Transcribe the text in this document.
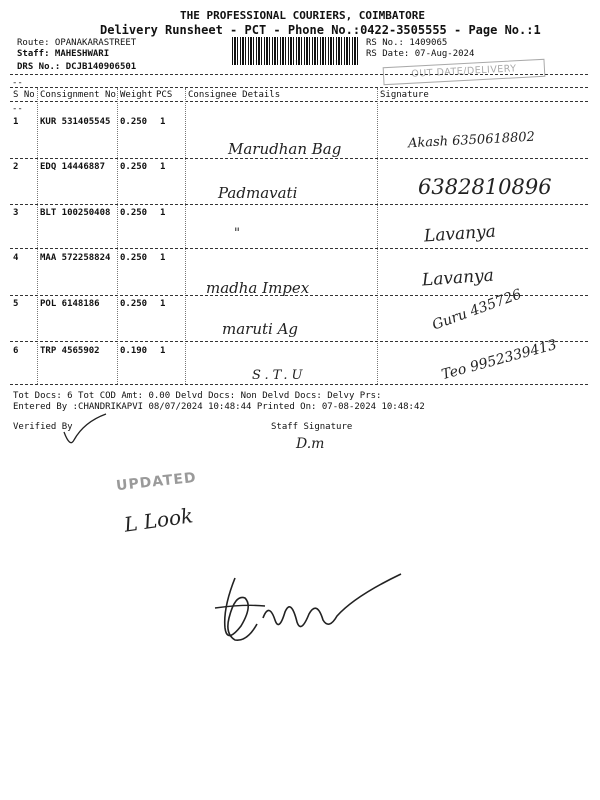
THE PROFESSIONAL COURIERS, COIMBATORE
Delivery Runsheet - PCT - Phone No.:0422-3505555 - Page No.:1
Route: OPANAKARASTREET
Staff: MAHESHWARI
DRS No.: DCJB140906501
RS No.: 1409065
RS Date: 07-Aug-2024
OUT DATE/DELIVERY
--
S No Consignment No Weight PCS Consignee Details	Signature
--
1 KUR 531405545 0.250 1
Marudhan Bag	Akash 6350618802
2 EDQ 14446887 0.250 1
Padmavati	6382810896
3 BLT 100250408 0.250 1
"	Lavanya
4 MAA 572258824 0.250 1
madha Impex	Lavanya
5 POL 6148186 0.250 1
maruti Ag	Guru 435726
6 TRP 4565902 0.190 1
S.T.U	Teo 9952339413
Tot Docs: 6 Tot COD Amt: 0.00 Delvd Docs: Non Delvd Docs: Delvy Prs:
Entered By :CHANDRIKAPVI 08/07/2024 10:48:44 Printed On: 07-08-2024 10:48:42
Verified By	Staff Signature
D.m
UPDATED
L Look
